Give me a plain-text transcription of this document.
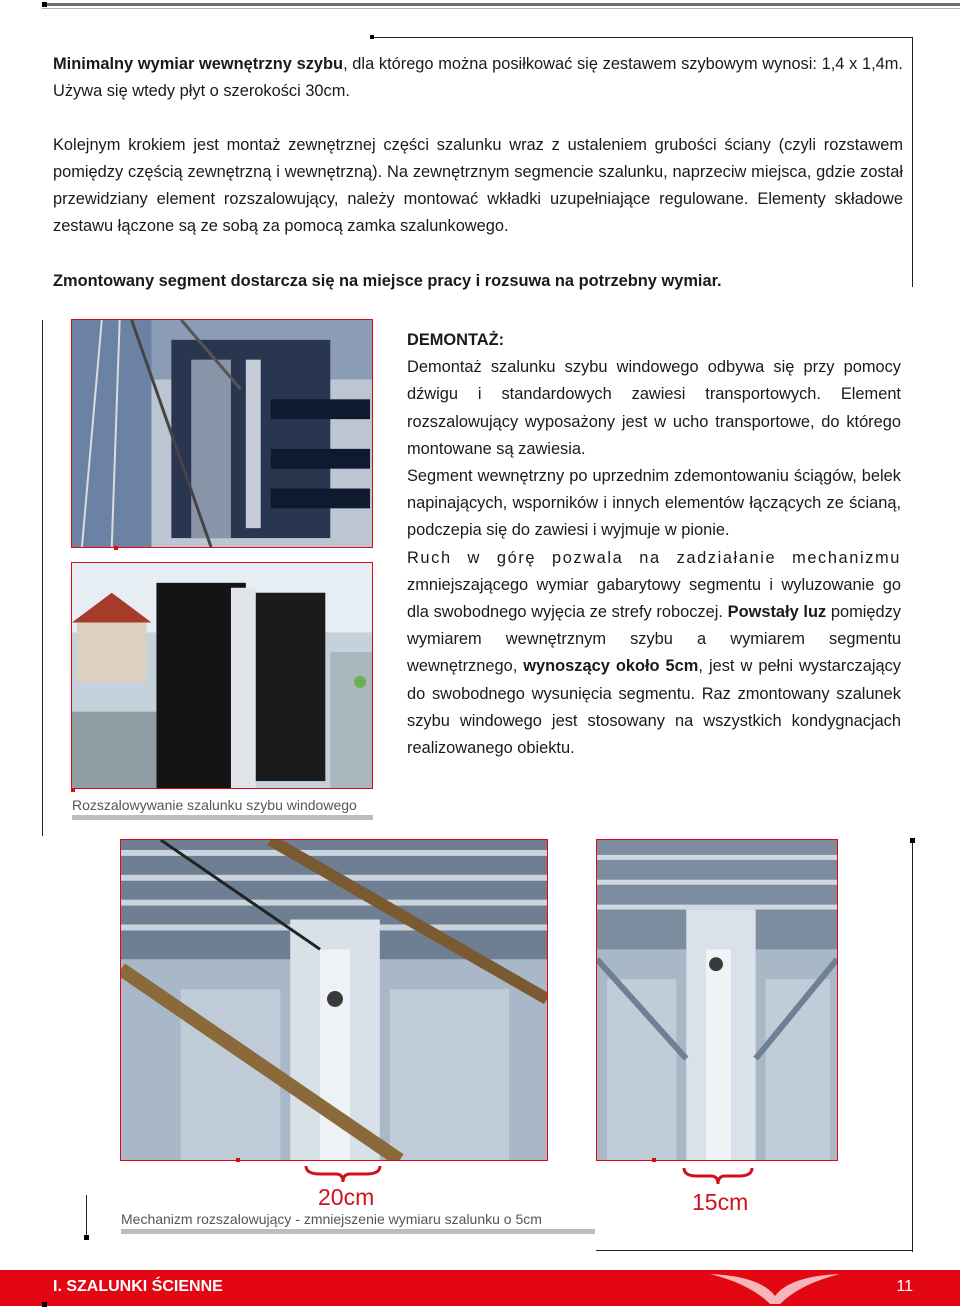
Minimalny wymiar wewnętrzny szybu, dla którego można posiłkować się zestawem szybowym wynosi: 1,4 x 1,4m. Używa się wtedy płyt o szerokości 30cm.

Kolejnym krokiem jest montaż zewnętrznej części szalunku wraz z ustaleniem grubości ściany (czyli rozstawem pomiędzy częścią zewnętrzną i wewnętrzną). Na zewnętrznym segmencie szalunku, naprzeciw miejsca, gdzie został przewidziany element rozszalowujący, należy montować wkładki uzupełniające regulowane. Elementy składowe zestawu łączone są ze sobą za pomocą zamka szalunkowego.

Zmontowany segment dostarcza się na miejsce pracy i rozsuwa na potrzebny wymiar.

Rozszalowywanie szalunku szybu windowego
DEMONTAŻ:

Demontaż szalunku szybu windowego odbywa się przy pomocy dźwigu i standardowych zawiesi transportowych. Element rozszalowujący wyposażony jest w ucho transportowe, do którego montowane są zawiesia.

Segment wewnętrzny po uprzednim zdemontowaniu ściągów, belek napinających, wsporników i innych elementów łączących ze ścianą, podczepia się do zawiesi i wyjmuje w pionie.

Ruch w górę pozwala na zadziałanie mechanizmu zmniejszającego wymiar gabarytowy segmentu i wyluzowanie go dla swobodnego wyjęcia ze strefy roboczej. Powstały luz pomiędzy wymiarem wewnętrznym szybu a wymiarem segmentu wewnętrznego, wynoszący około 5cm, jest w pełni wystarczający do swobodnego wysunięcia segmentu. Raz zmontowany szalunek szybu windowego jest stosowany na wszystkich kondygnacjach realizowanego obiektu.

20cm	15cm
Mechanizm rozszalowujący - zmniejszenie wymiaru szalunku o 5cm
I. SZALUNKI ŚCIENNE	11
